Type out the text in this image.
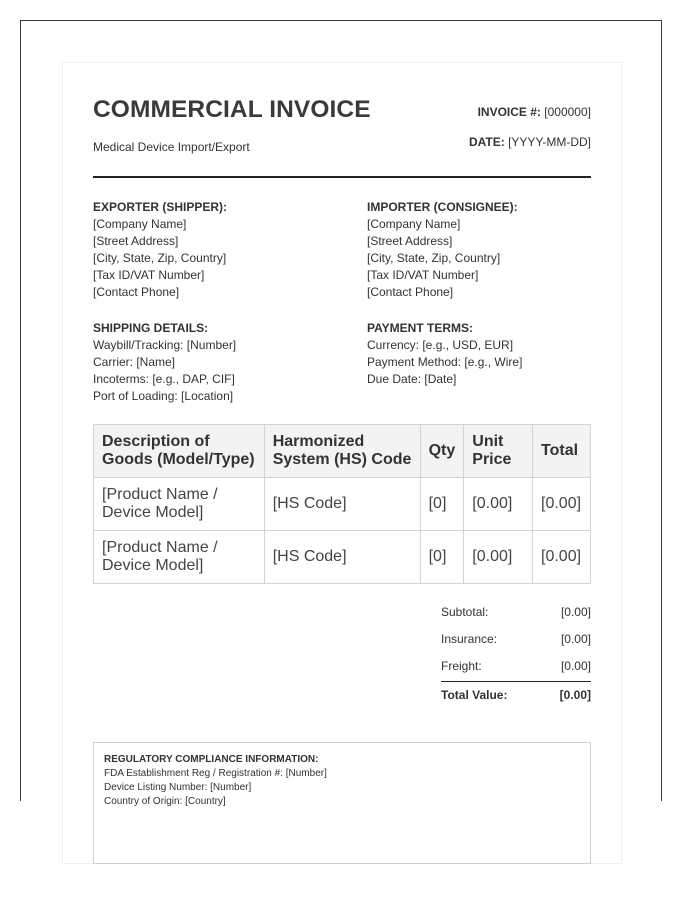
COMMERCIAL INVOICE
Medical Device Import/Export
INVOICE #: [000000]
DATE: [YYYY-MM-DD]
EXPORTER (SHIPPER):
[Company Name]
[Street Address]
[City, State, Zip, Country]
[Tax ID/VAT Number]
[Contact Phone]
IMPORTER (CONSIGNEE):
[Company Name]
[Street Address]
[City, State, Zip, Country]
[Tax ID/VAT Number]
[Contact Phone]
SHIPPING DETAILS:
Waybill/Tracking: [Number]
Carrier: [Name]
Incoterms: [e.g., DAP, CIF]
Port of Loading: [Location]
PAYMENT TERMS:
Currency: [e.g., USD, EUR]
Payment Method: [e.g., Wire]
Due Date: [Date]
Description of Goods (Model/Type)	Harmonized System (HS) Code	Qty	Unit Price	Total
[Product Name / Device Model]	[HS Code]	[0]	[0.00]	[0.00]
[Product Name / Device Model]	[HS Code]	[0]	[0.00]	[0.00]
Subtotal:	[0.00]
Insurance:	[0.00]
Freight:	[0.00]
Total Value:	[0.00]
REGULATORY COMPLIANCE INFORMATION:
FDA Establishment Reg / Registration #: [Number]
Device Listing Number: [Number]
Country of Origin: [Country]
